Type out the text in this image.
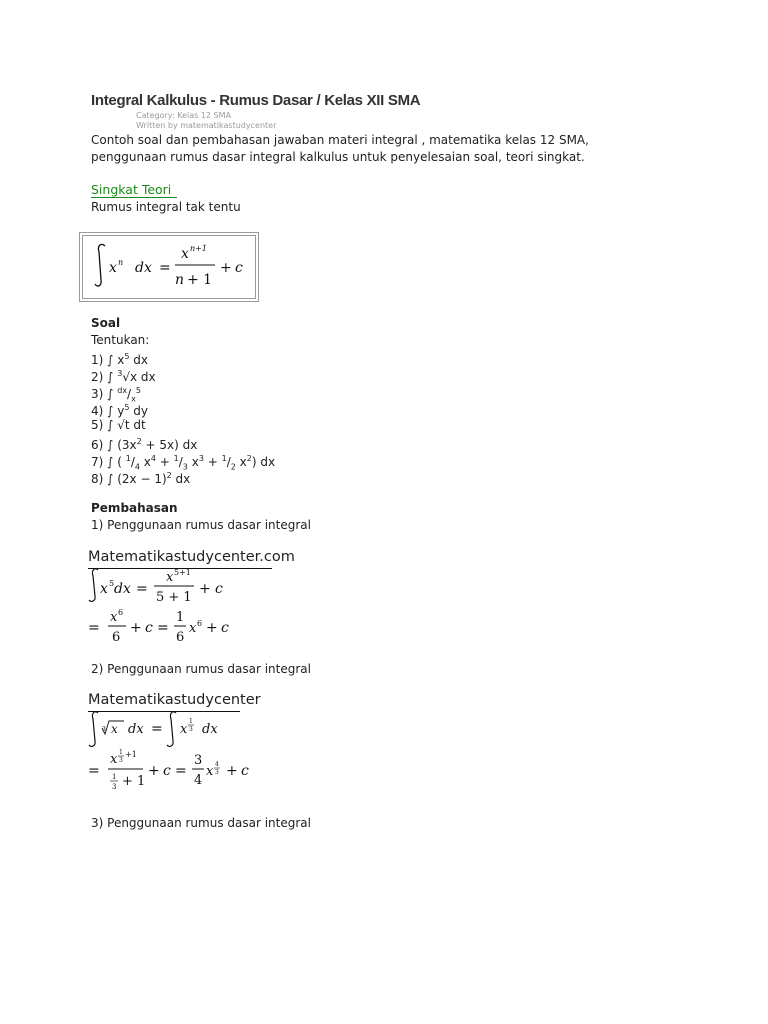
Integral Kalkulus - Rumus Dasar / Kelas XII SMA
Category: Kelas 12 SMA
Written by matematikastudycenter
Contoh soal dan pembahasan jawaban materi integral , matematika kelas 12 SMA,
penggunaan rumus dasar integral kalkulus untuk penyelesaian soal, teori singkat.
Singkat Teori
Rumus integral tak tentu
x n dx =
x n+1
n + 1
+ c
Soal
Tentukan:
1) ∫ $x^5$ dx
2) ∫ $^3$√x dx
3) ∫ $^{dx}/_x^5$
4) ∫ $y^5$ dy
5) ∫ √t dt
6) ∫ $(3x^2 + 5x)$ dx
7) ∫ ( $^1/_4$ $x^4 + ^1/_3$ $x^3 + ^1/_2$ $x^2$) dx
8) ∫ $(2x - 1)^2$ dx
Pembahasan
1) Penggunaan rumus dasar integral
Matematikastudycenter.com
x 5 dx =
x 5+1
5 + 1
+ c
=
x 6
6
+ c =
1
6
x 6 + c
2) Penggunaan rumus dasar integral
Matematikastudycenter
3 x dx = x
1
3 dx
=
x 1
3
+1
1
3 + 1
+ c =
3
4
x 4
3 + c
3) Penggunaan rumus dasar integral
